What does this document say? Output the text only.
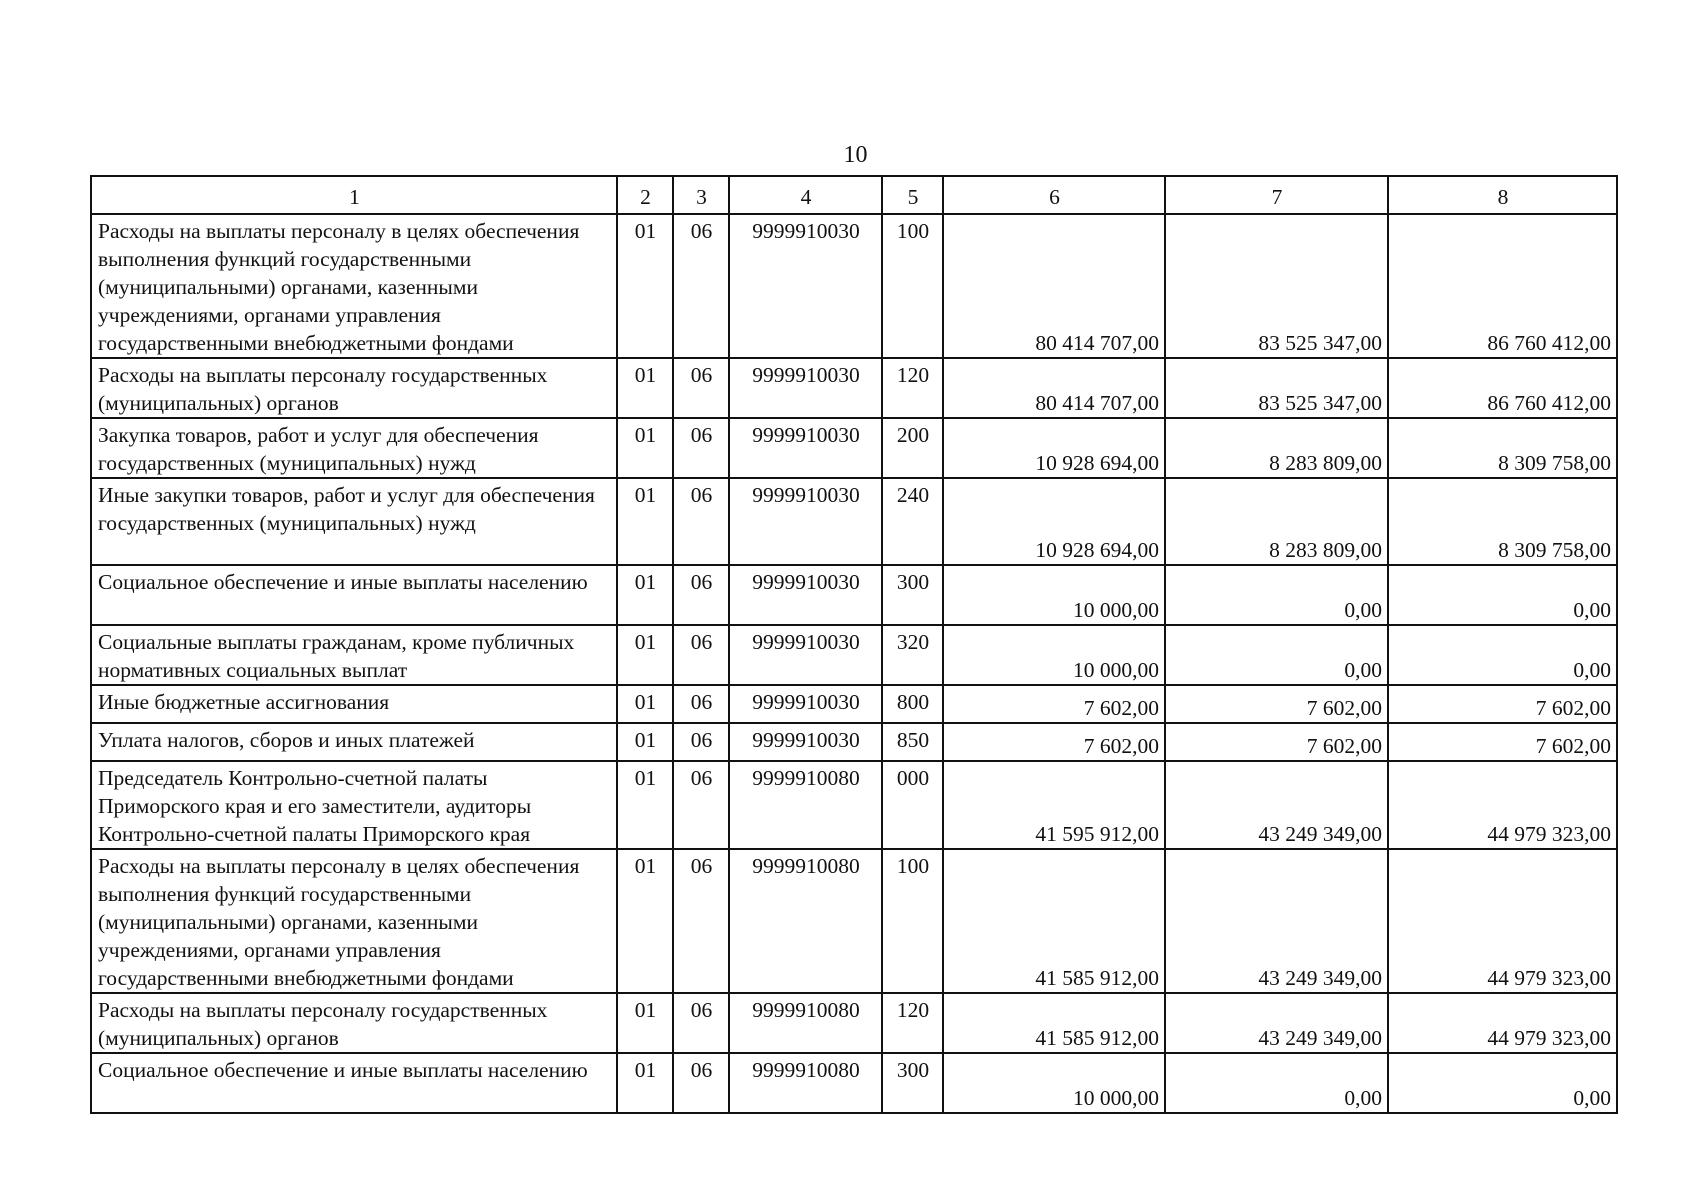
10
1	2	3	4	5	6	7	8
Расходы на выплаты персоналу в целях обеспечения выполнения функций государственными (муниципальными) органами, казенными учреждениями, органами управления государственными внебюджетными фондами	01	06	9999910030	100	80 414 707,00	83 525 347,00	86 760 412,00
Расходы на выплаты персоналу государственных (муниципальных) органов	01	06	9999910030	120	80 414 707,00	83 525 347,00	86 760 412,00
Закупка товаров, работ и услуг для обеспечения государственных (муниципальных) нужд	01	06	9999910030	200	10 928 694,00	8 283 809,00	8 309 758,00
Иные закупки товаров, работ и услуг для обеспечения государственных (муниципальных) нужд	01	06	9999910030	240	10 928 694,00	8 283 809,00	8 309 758,00
Социальное обеспечение и иные выплаты населению	01	06	9999910030	300	10 000,00	0,00	0,00
Социальные выплаты гражданам, кроме публичных нормативных социальных выплат	01	06	9999910030	320	10 000,00	0,00	0,00
Иные бюджетные ассигнования	01	06	9999910030	800	7 602,00	7 602,00	7 602,00
Уплата налогов, сборов и иных платежей	01	06	9999910030	850	7 602,00	7 602,00	7 602,00
Председатель Контрольно-счетной палаты Приморского края и его заместители, аудиторы Контрольно-счетной палаты Приморского края	01	06	9999910080	000	41 595 912,00	43 249 349,00	44 979 323,00
Расходы на выплаты персоналу в целях обеспечения выполнения функций государственными (муниципальными) органами, казенными учреждениями, органами управления государственными внебюджетными фондами	01	06	9999910080	100	41 585 912,00	43 249 349,00	44 979 323,00
Расходы на выплаты персоналу государственных (муниципальных) органов	01	06	9999910080	120	41 585 912,00	43 249 349,00	44 979 323,00
Социальное обеспечение и иные выплаты населению	01	06	9999910080	300	10 000,00	0,00	0,00
